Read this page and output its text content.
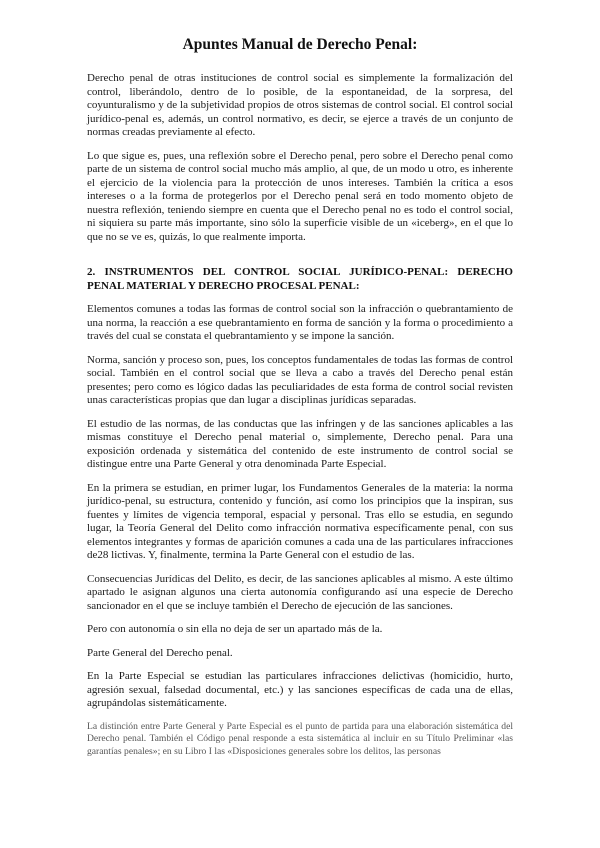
Apuntes Manual de Derecho Penal:

Derecho penal de otras instituciones de control social es simplemente la formalización del control, liberándolo, dentro de lo posible, de la espontaneidad, de la sorpresa, del coyunturalismo y de la subjetividad propios de otros sistemas de control social. El control social jurídico-penal es, además, un control normativo, es decir, se ejerce a través de un conjunto de normas creadas previamente al efecto.

Lo que sigue es, pues, una reflexión sobre el Derecho penal, pero sobre el Derecho penal como parte de un sistema de control social mucho más amplio, al que, de un modo u otro, es inherente el ejercicio de la violencia para la protección de unos intereses. También la crítica a esos intereses o a la forma de protegerlos por el Derecho penal será en todo momento objeto de nuestra reflexión, teniendo siempre en cuenta que el Derecho penal no es todo el control social, ni siquiera su parte más importante, sino sólo la superficie visible de un «iceberg», en el que lo que no se ve es, quizás, lo que realmente importa.

2. INSTRUMENTOS DEL CONTROL SOCIAL JURÍDICO-PENAL: DERECHO PENAL MATERIAL Y DERECHO PROCESAL PENAL:

Elementos comunes a todas las formas de control social son la infracción o quebrantamiento de una norma, la reacción a ese quebrantamiento en forma de sanción y la forma o procedimiento a través del cual se constata el quebrantamiento y se impone la sanción.

Norma, sanción y proceso son, pues, los conceptos fundamentales de todas las formas de control social. También en el control social que se lleva a cabo a través del Derecho penal están presentes; pero como es lógico dadas las peculiaridades de esta forma de control social revisten unas características propias que dan lugar a disciplinas jurídicas separadas.

El estudio de las normas, de las conductas que las infringen y de las sanciones aplicables a las mismas constituye el Derecho penal material o, simplemente, Derecho penal. Para una exposición ordenada y sistemática del contenido de este instrumento de control social se distingue entre una Parte General y otra denominada Parte Especial.

En la primera se estudian, en primer lugar, los Fundamentos Generales de la materia: la norma jurídico-penal, su estructura, contenido y función, así como los principios que la inspiran, sus fuentes y límites de vigencia temporal, espacial y personal. Tras ello se estudia, en segundo lugar, la Teoría General del Delito como infracción normativa específicamente penal, con sus elementos integrantes y formas de aparición comunes a cada una de las particulares infracciones de28 lictivas. Y, finalmente, termina la Parte General con el estudio de las.

Consecuencias Jurídicas del Delito, es decir, de las sanciones aplicables al mismo. A este último apartado le asignan algunos una cierta autonomía configurando así una especie de Derecho sancionador en el que se incluye también el Derecho de ejecución de las sanciones.

Pero con autonomía o sin ella no deja de ser un apartado más de la.

Parte General del Derecho penal.

En la Parte Especial se estudian las particulares infracciones delictivas (homicidio, hurto, agresión sexual, falsedad documental, etc.) y las sanciones específicas de cada una de ellas, agrupándolas sistemáticamente.

La distinción entre Parte General y Parte Especial es el punto de partida para una elaboración sistemática del Derecho penal. También el Código penal responde a esta sistemática al incluir en su Título Preliminar «las garantías penales»; en su Libro I las «Disposiciones generales sobre los delitos, las personas
